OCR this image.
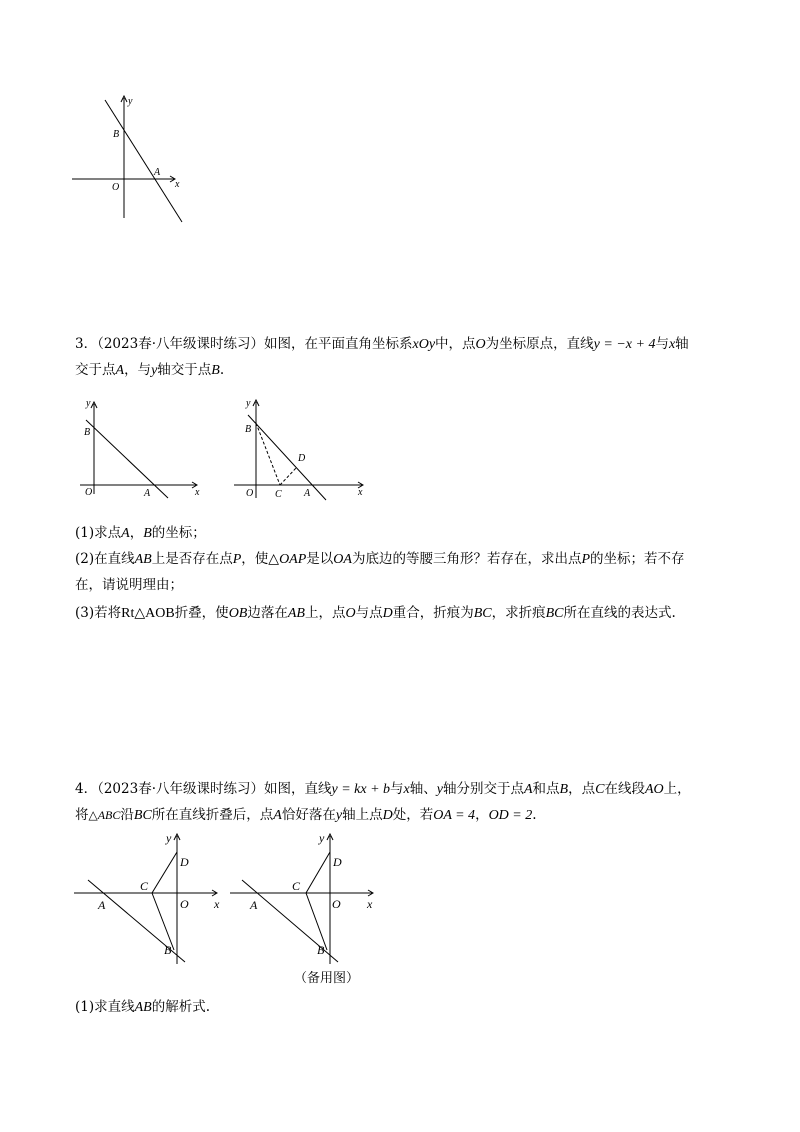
y
B
O
A
x
3．（2023春·八年级课时练习）如图，在平面直角坐标系xOy中，点O为坐标原点，直线y = −x + 4与x轴
交于点A，与y轴交于点B.
y
B
O	A	x
y
B
D
O C A	x
(1)求点A，B的坐标；
(2)在直线AB上是否存在点P，使△OAP是以OA为底边的等腰三角形？若存在，求出点P的坐标；若不存
在，请说明理由；
(3)若将Rt△AOB折叠，使OB边落在AB上，点O与点D重合，折痕为BC，求折痕BC所在直线的表达式.
4．（2023春·八年级课时练习）如图，直线y = kx + b与x轴、y轴分别交于点A和点B，点C在线段AO上，
将△ABC沿BC所在直线折叠后，点A恰好落在y轴上点D处，若OA = 4，OD = 2.
y
D
C
A	O x
B
y
D
C
A	O x
B
（备用图）
(1)求直线AB的解析式.
